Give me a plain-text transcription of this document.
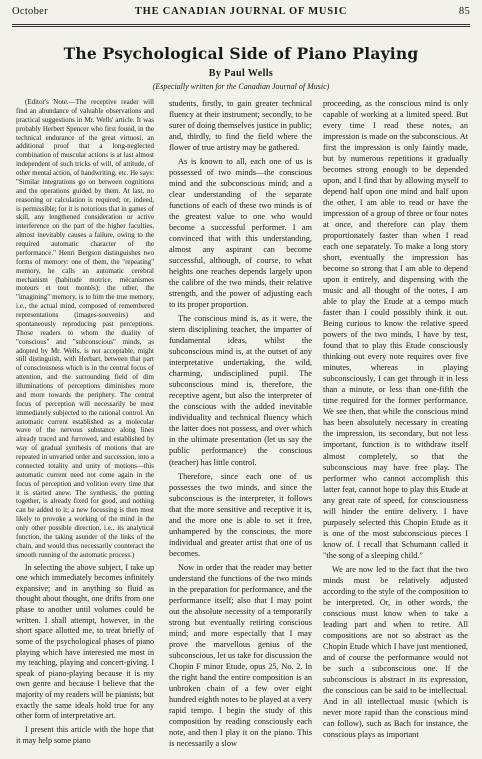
October	THE CANADIAN JOURNAL OF MUSIC	85
The Psychological Side of Piano Playing
By Paul Wells
(Especially written for the Canadian Journal of Music)

(Editor's Note.—The receptive reader will find an abundance of valuable observations and practical suggestions in Mr. Wells' article. It was probably Herbert Spencer who first found, in the technical endurance of the great virtuosi, an additional proof that a long-neglected combination of muscular actions is at last almost independent of such tricks of will, of attitude, of other mental action, of handwriting, etc. He says: "Similar integrations go on between cognitions and the operations guided by them. At last, no reasoning or calculation is required; or, indeed, is permissible; for it is notorious that in games of skill, any lengthened consideration or active interference on the part of the higher faculties, almost inevitably causes a failure, owing to the required automatic character of the performance." Henri Bergson distinguishes two forms of memory: one of them, the "repeating" memory, he calls an automatic cerebral mechanism (habitude motrice, mécanismes moteurs et tout montés); the other, the "imagining" memory, is to him the true memory, i.e., the actual mind, composed of remembered representations (images-souvenirs) and spontaneously reproducing past perceptions. Those readers to whom the duality of "conscious" and "subconscious" minds, as adopted by Mr. Wells, is not acceptable, might still distinguish, with Herbart, between that part of consciousness which is in the central focus of attention, and the surrounding field of dim illuminations of perceptions diminishes more and more towards the periphery. The central focus of perception will necessarily be most immediately subjected to the rational control. An automatic current established as a molecular wave of the nervous substance along lines already traced and furrowed, and established by way of gradual synthesis of motions that are repeated in unvaried order and succession, into a connected totality and unity of motions—this automatic current need not come again in the focus of perception and volition every time that it is started anew. The synthesis, the putting together, is already fixed for good, and nothing can be added to it; a new focussing is then most likely to provoke a working of the mind in the only other possible direction, i.e., its analytical function, the taking asunder of the links of the chain, and would thus necessarily counteract the smooth running of the automatic process.)

In selecting the above subject, I take up one which immediately becomes infinitely expansive; and in anything so fluid as thought about thought, one drifts from one phase to another until volumes could be written. I shall attempt, however, in the short space allotted me, to treat briefly of some of the psychological phases of piano playing which have interested me most in my teaching, playing and concert-giving. I speak of piano-playing because it is my own genre and because I believe that the majority of my readers will be pianists; but exactly the same ideals hold true for any other form of interpretative art.

I present this article with the hope that it may help some piano

students, firstly, to gain greater technical fluency at their instrument; secondly, to be surer of doing themselves justice in public; and, thirdly, to find the field where the flower of true artistry may be gathered.

As is known to all, each one of us is possessed of two minds—the conscious mind and the subconscious mind; and a clear understanding of the separate functions of each of these two minds is of the greatest value to one who would become a successful performer. I am convinced that with this understanding, almost any aspirant can become successful, although, of course, to what heights one reaches depends largely upon the calibre of the two minds, their relative strength, and the power of adjusting each to its proper proportion.

The conscious mind is, as it were, the stern disciplining teacher, the imparter of fundamental ideas, whilst the subconscious mind is, at the outset of any interpretative undertaking, the wild, charming, undisciplined pupil. The subconscious mind is, therefore, the receptive agent, but also the interpreter of the conscious with the added inevitable individuality and technical fluency which the latter does not possess, and over which in the ultimate presentation (let us say the public performance) the conscious (teacher) has little control.

Therefore, since each one of us possesses the two minds, and since the subconscious is the interpreter, it follows that the more sensitive and receptive it is, and the more one is able to set it free, unhampered by the conscious, the more individual and greater artist that one of us becomes.

Now in order that the reader may better understand the functions of the two minds in the preparation for performance, and the performance itself; also that I may point out the absolute necessity of a temporarily strong but eventually retiring conscious mind; and more especially that I may prove the marvellous genius of the subconscious, let us take for discussion the Chopin F minor Etude, opus 25, No. 2. In the right hand the entire composition is an unbroken chain of a few over eight hundred eighth notes to be played at a very rapid tempo. I begin the study of this composition by reading consciously each note, and then I play it on the piano. This is necessarily a slow

proceeding, as the conscious mind is only capable of working at a limited speed. But every time I read these notes, an impression is made on the subconscious. At first the impression is only faintly made, but by numerous repetitions it gradually becomes strong enough to be depended upon, and I find that by allowing myself to depend half upon one mind and half upon the other, I am able to read or have the impression of a group of three or four notes at once, and therefore can play them proportionately faster than when I read each one separately. To make a long story short, eventually the impression has become so strong that I am able to depend upon it entirely, and dispensing with the music and all thought of the notes, I am able to play the Etude at a tempo much faster than I could possibly think it out. Being curious to know the relative speed powers of the two minds, I have by test, found that to play this Etude consciously thinking out every note requires over five minutes, whereas in playing subconsciously, I can get through it in less than a minute, or less than one-fifth the time required for the former performance. We see then, that while the conscious mind has been absolutely necessary in creating the impression, its secondary, but not less important, function is to withdraw itself almost completely, so that the subconscious may have free play. The performer who cannot accomplish this latter feat, cannot hope to play this Etude at any great rate of speed, for consciousness will hinder the entire delivery. I have purposely selected this Chopin Etude as it is one of the most subconscious pieces I know of. I recall that Schumann called it "the song of a sleeping child."

We are now led to the fact that the two minds must be relatively adjusted according to the style of the composition to be interpreted. Or, in other words, the conscious must know when to take a leading part and when to retire. All compositions are not so abstract as the Chopin Etude which I have just mentioned, and of course the performance would not be such a subconscious one. If the subconscious is abstract in its expression, the conscious can be said to be intellectual. And in all intellectual music (which is never more rapid than the conscious mind can follow), such as Bach for instance, the conscious plays as important
